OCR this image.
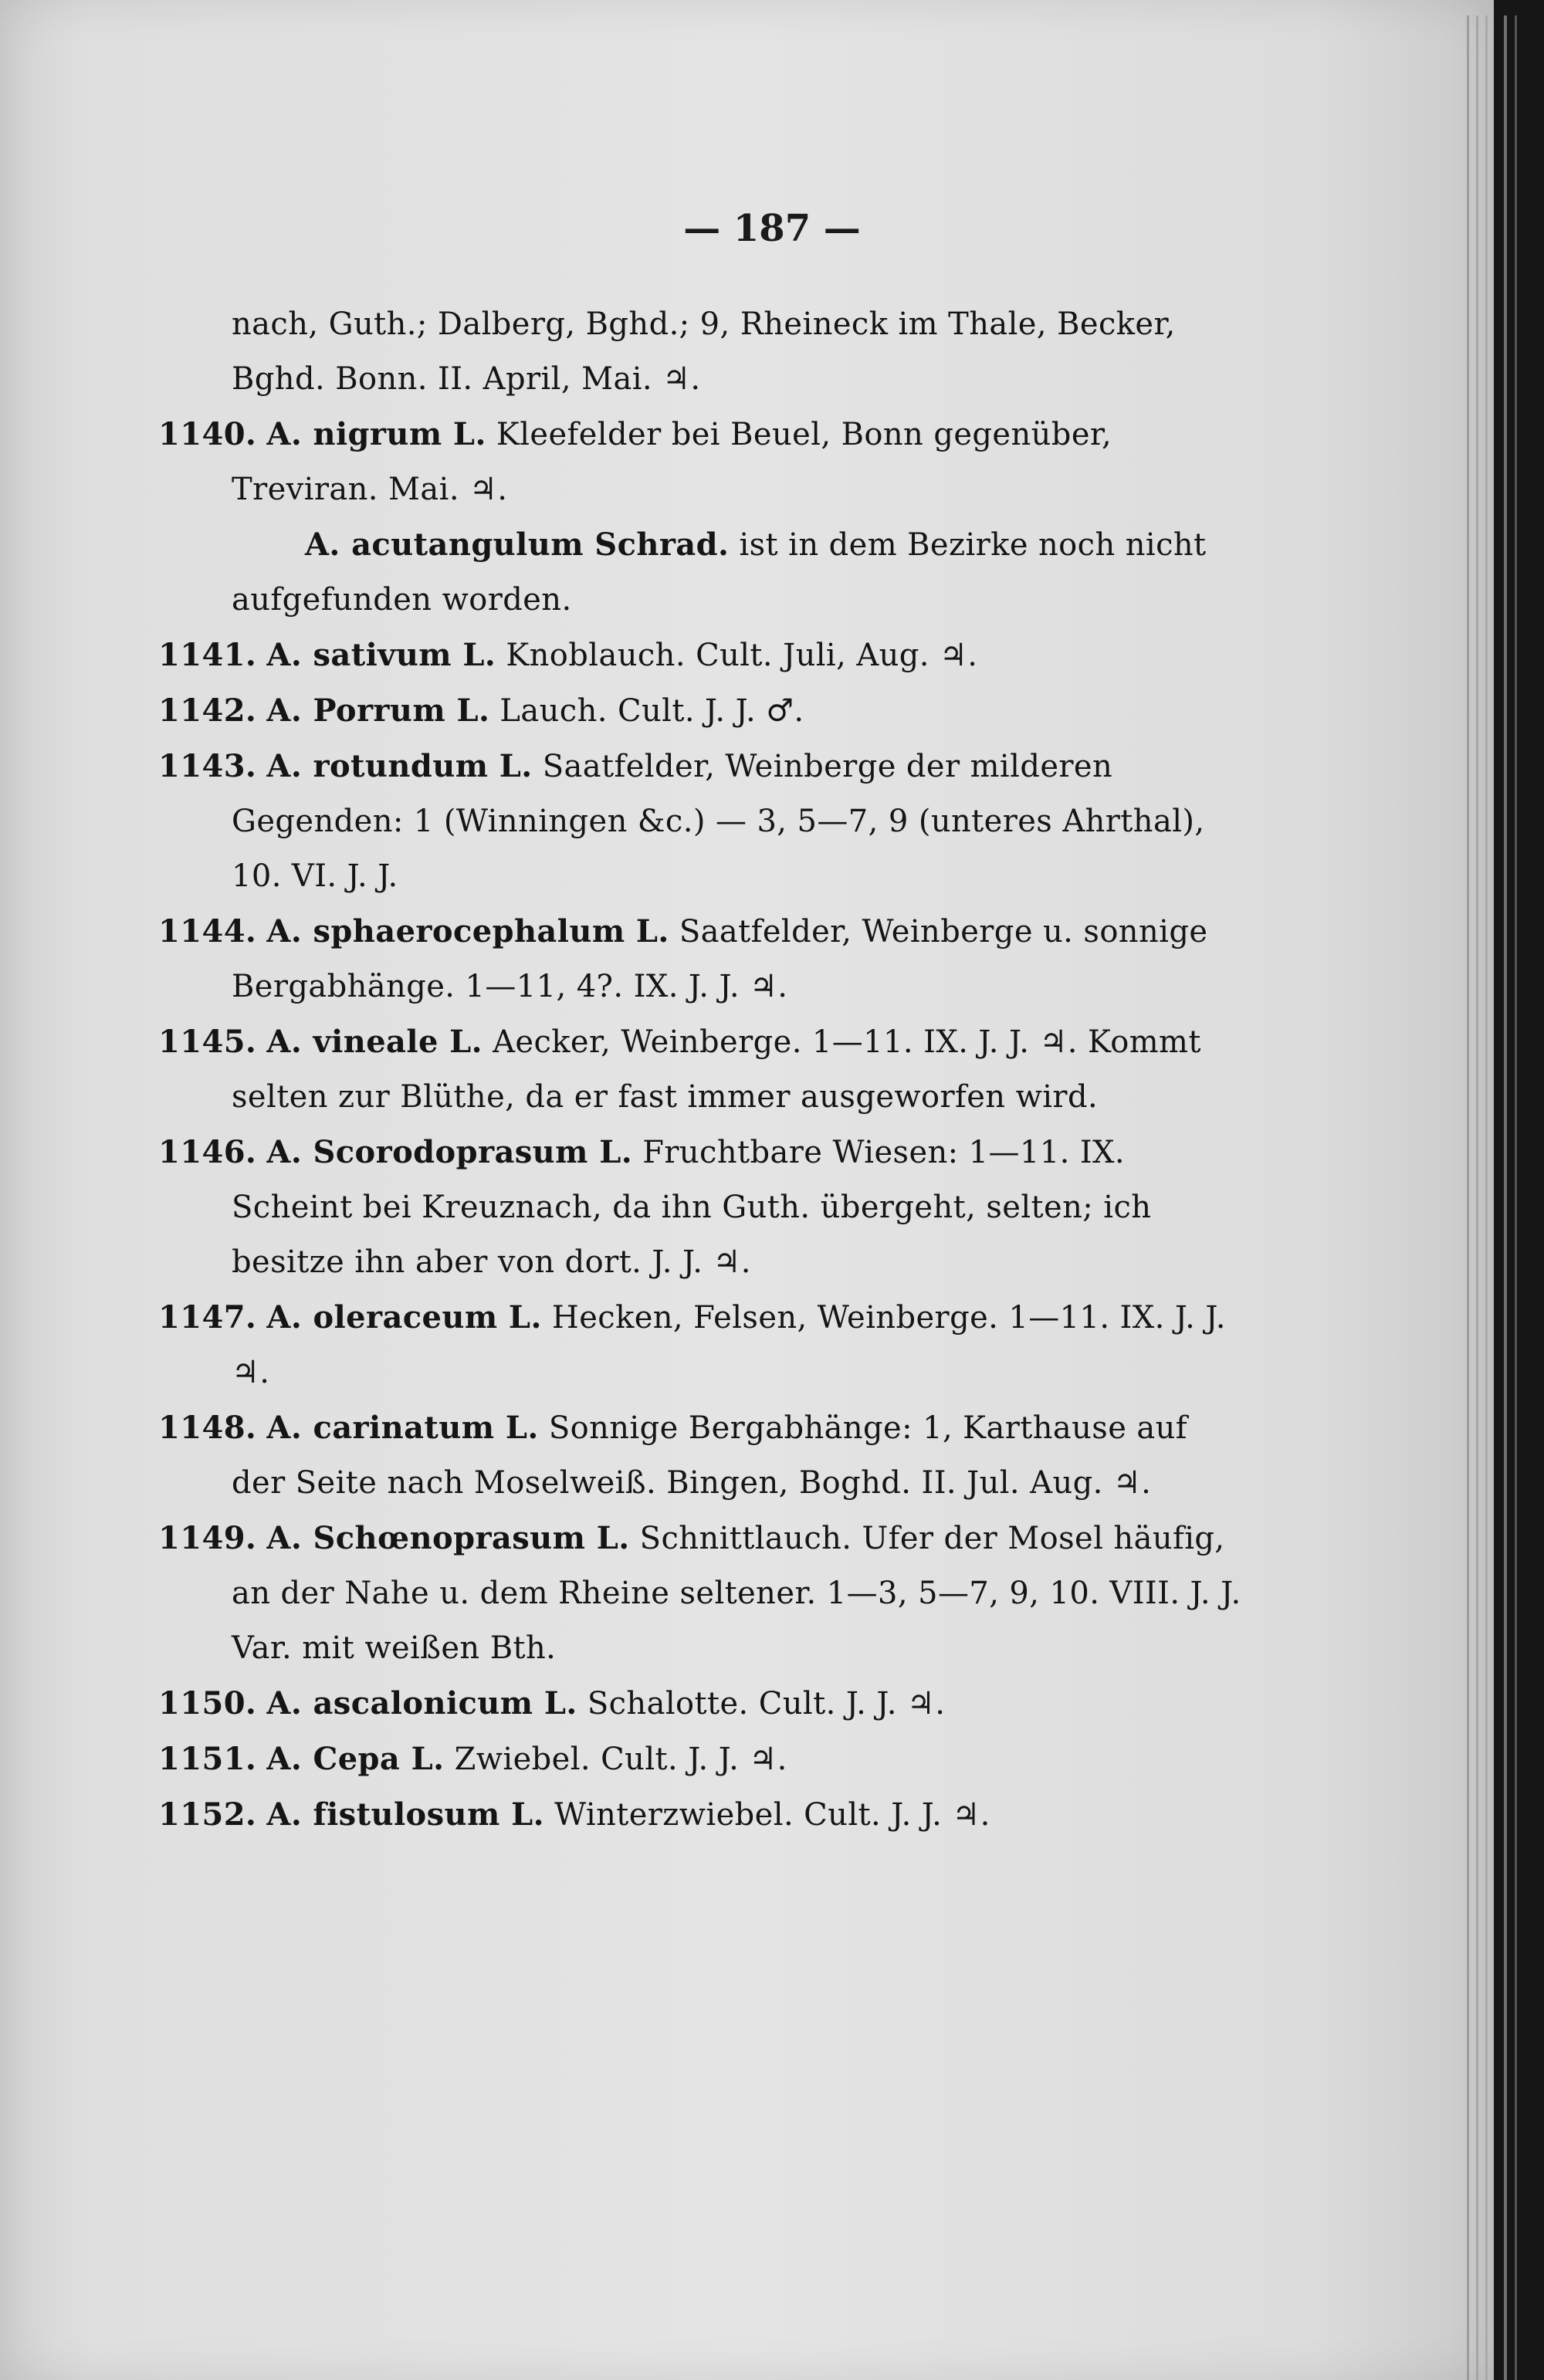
— 187 —

nach, Guth.; Dalberg, Bghd.; 9, Rheineck im Thale, Becker, Bghd. Bonn. II. April, Mai. ♃.

1140. A. nigrum L. Kleefelder bei Beuel, Bonn gegenüber, Treviran. Mai. ♃.

A. acutangulum Schrad. ist in dem Bezirke noch nicht aufgefunden worden.

1141. A. sativum L. Knoblauch. Cult. Juli, Aug. ♃.

1142. A. Porrum L. Lauch. Cult. J. J. ♂.

1143. A. rotundum L. Saatfelder, Weinberge der milderen Gegenden: 1 (Winningen &c.) — 3, 5—7, 9 (unteres Ahrthal), 10. VI. J. J.

1144. A. sphaerocephalum L. Saatfelder, Weinberge u. sonnige Bergabhänge. 1—11, 4?. IX. J. J. ♃.

1145. A. vineale L. Aecker, Weinberge. 1—11. IX. J. J. ♃. Kommt selten zur Blüthe, da er fast immer ausgeworfen wird.

1146. A. Scorodoprasum L. Fruchtbare Wiesen: 1—11. IX. Scheint bei Kreuznach, da ihn Guth. übergeht, selten; ich besitze ihn aber von dort. J. J. ♃.

1147. A. oleraceum L. Hecken, Felsen, Weinberge. 1—11. IX. J. J. ♃.

1148. A. carinatum L. Sonnige Bergabhänge: 1, Karthause auf der Seite nach Moselweiß. Bingen, Boghd. II. Jul. Aug. ♃.

1149. A. Schœnoprasum L. Schnittlauch. Ufer der Mosel häufig, an der Nahe u. dem Rheine seltener. 1—3, 5—7, 9, 10. VIII. J. J. Var. mit weißen Bth.

1150. A. ascalonicum L. Schalotte. Cult. J. J. ♃.

1151. A. Cepa L. Zwiebel. Cult. J. J. ♃.

1152. A. fistulosum L. Winterzwiebel. Cult. J. J. ♃.
